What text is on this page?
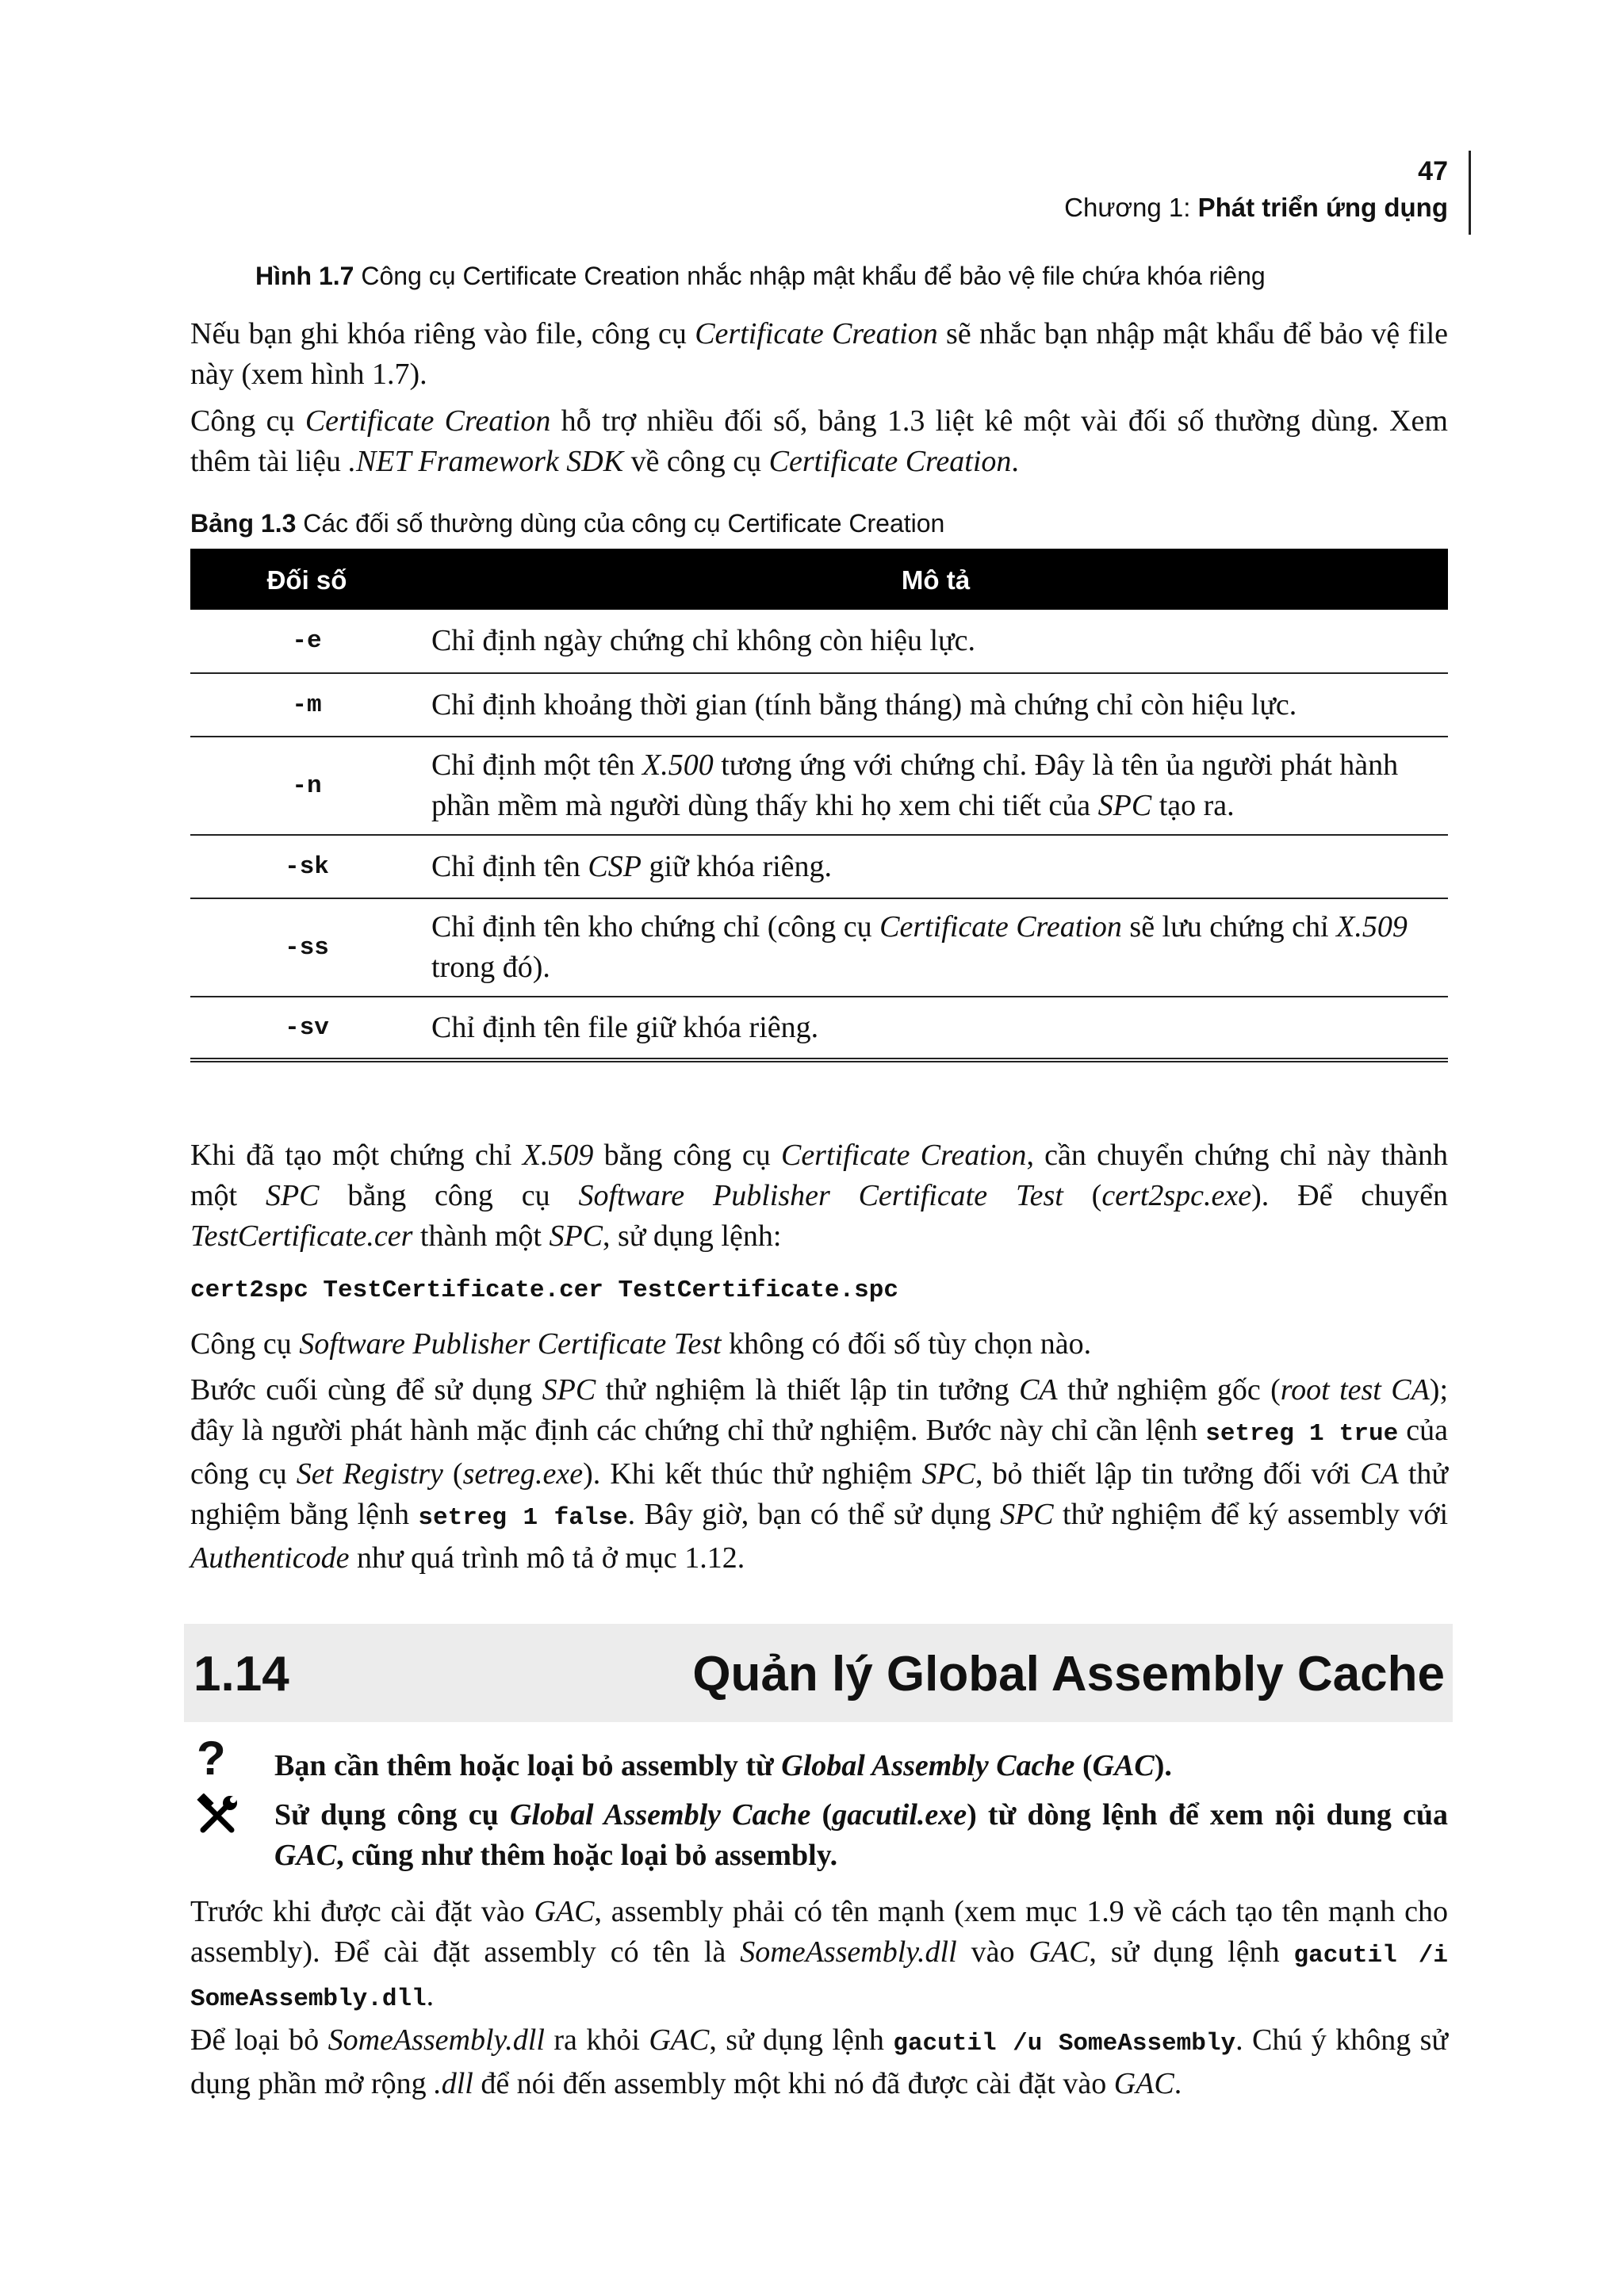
47
Chương 1: Phát triển ứng dụng
Hình 1.7 Công cụ Certificate Creation nhắc nhập mật khẩu để bảo vệ file chứa khóa riêng
Nếu bạn ghi khóa riêng vào file, công cụ Certificate Creation sẽ nhắc bạn nhập mật khẩu để bảo vệ file này (xem hình 1.7).
Công cụ Certificate Creation hỗ trợ nhiều đối số, bảng 1.3 liệt kê một vài đối số thường dùng. Xem thêm tài liệu .NET Framework SDK về công cụ Certificate Creation.
Bảng 1.3 Các đối số thường dùng của công cụ Certificate Creation
Đối số	Mô tả
-e	Chỉ định ngày chứng chỉ không còn hiệu lực.
-m	Chỉ định khoảng thời gian (tính bằng tháng) mà chứng chỉ còn hiệu lực.
-n	Chỉ định một tên X.500 tương ứng với chứng chỉ. Đây là tên ủa người phát hành phần mềm mà người dùng thấy khi họ xem chi tiết của SPC tạo ra.
-sk	Chỉ định tên CSP giữ khóa riêng.
-ss	Chỉ định tên kho chứng chỉ (công cụ Certificate Creation sẽ lưu chứng chỉ X.509 trong đó).
-sv	Chỉ định tên file giữ khóa riêng.
Khi đã tạo một chứng chỉ X.509 bằng công cụ Certificate Creation, cần chuyển chứng chỉ này thành một SPC bằng công cụ Software Publisher Certificate Test (cert2spc.exe). Để chuyển TestCertificate.cer thành một SPC, sử dụng lệnh:
cert2spc TestCertificate.cer TestCertificate.spc
Công cụ Software Publisher Certificate Test không có đối số tùy chọn nào.
Bước cuối cùng để sử dụng SPC thử nghiệm là thiết lập tin tưởng CA thử nghiệm gốc (root test CA); đây là người phát hành mặc định các chứng chỉ thử nghiệm. Bước này chỉ cần lệnh setreg 1 true của công cụ Set Registry (setreg.exe). Khi kết thúc thử nghiệm SPC, bỏ thiết lập tin tưởng đối với CA thử nghiệm bằng lệnh setreg 1 false. Bây giờ, bạn có thể sử dụng SPC thử nghiệm để ký assembly với Authenticode như quá trình mô tả ở mục 1.12.
1.14	Quản lý Global Assembly Cache
?	Bạn cần thêm hoặc loại bỏ assembly từ Global Assembly Cache (GAC).
Sử dụng công cụ Global Assembly Cache (gacutil.exe) từ dòng lệnh để xem nội dung của GAC, cũng như thêm hoặc loại bỏ assembly.
Trước khi được cài đặt vào GAC, assembly phải có tên mạnh (xem mục 1.9 về cách tạo tên mạnh cho assembly). Để cài đặt assembly có tên là SomeAssembly.dll vào GAC, sử dụng lệnh gacutil /i SomeAssembly.dll.
Để loại bỏ SomeAssembly.dll ra khỏi GAC, sử dụng lệnh gacutil /u SomeAssembly. Chú ý không sử dụng phần mở rộng .dll để nói đến assembly một khi nó đã được cài đặt vào GAC.
